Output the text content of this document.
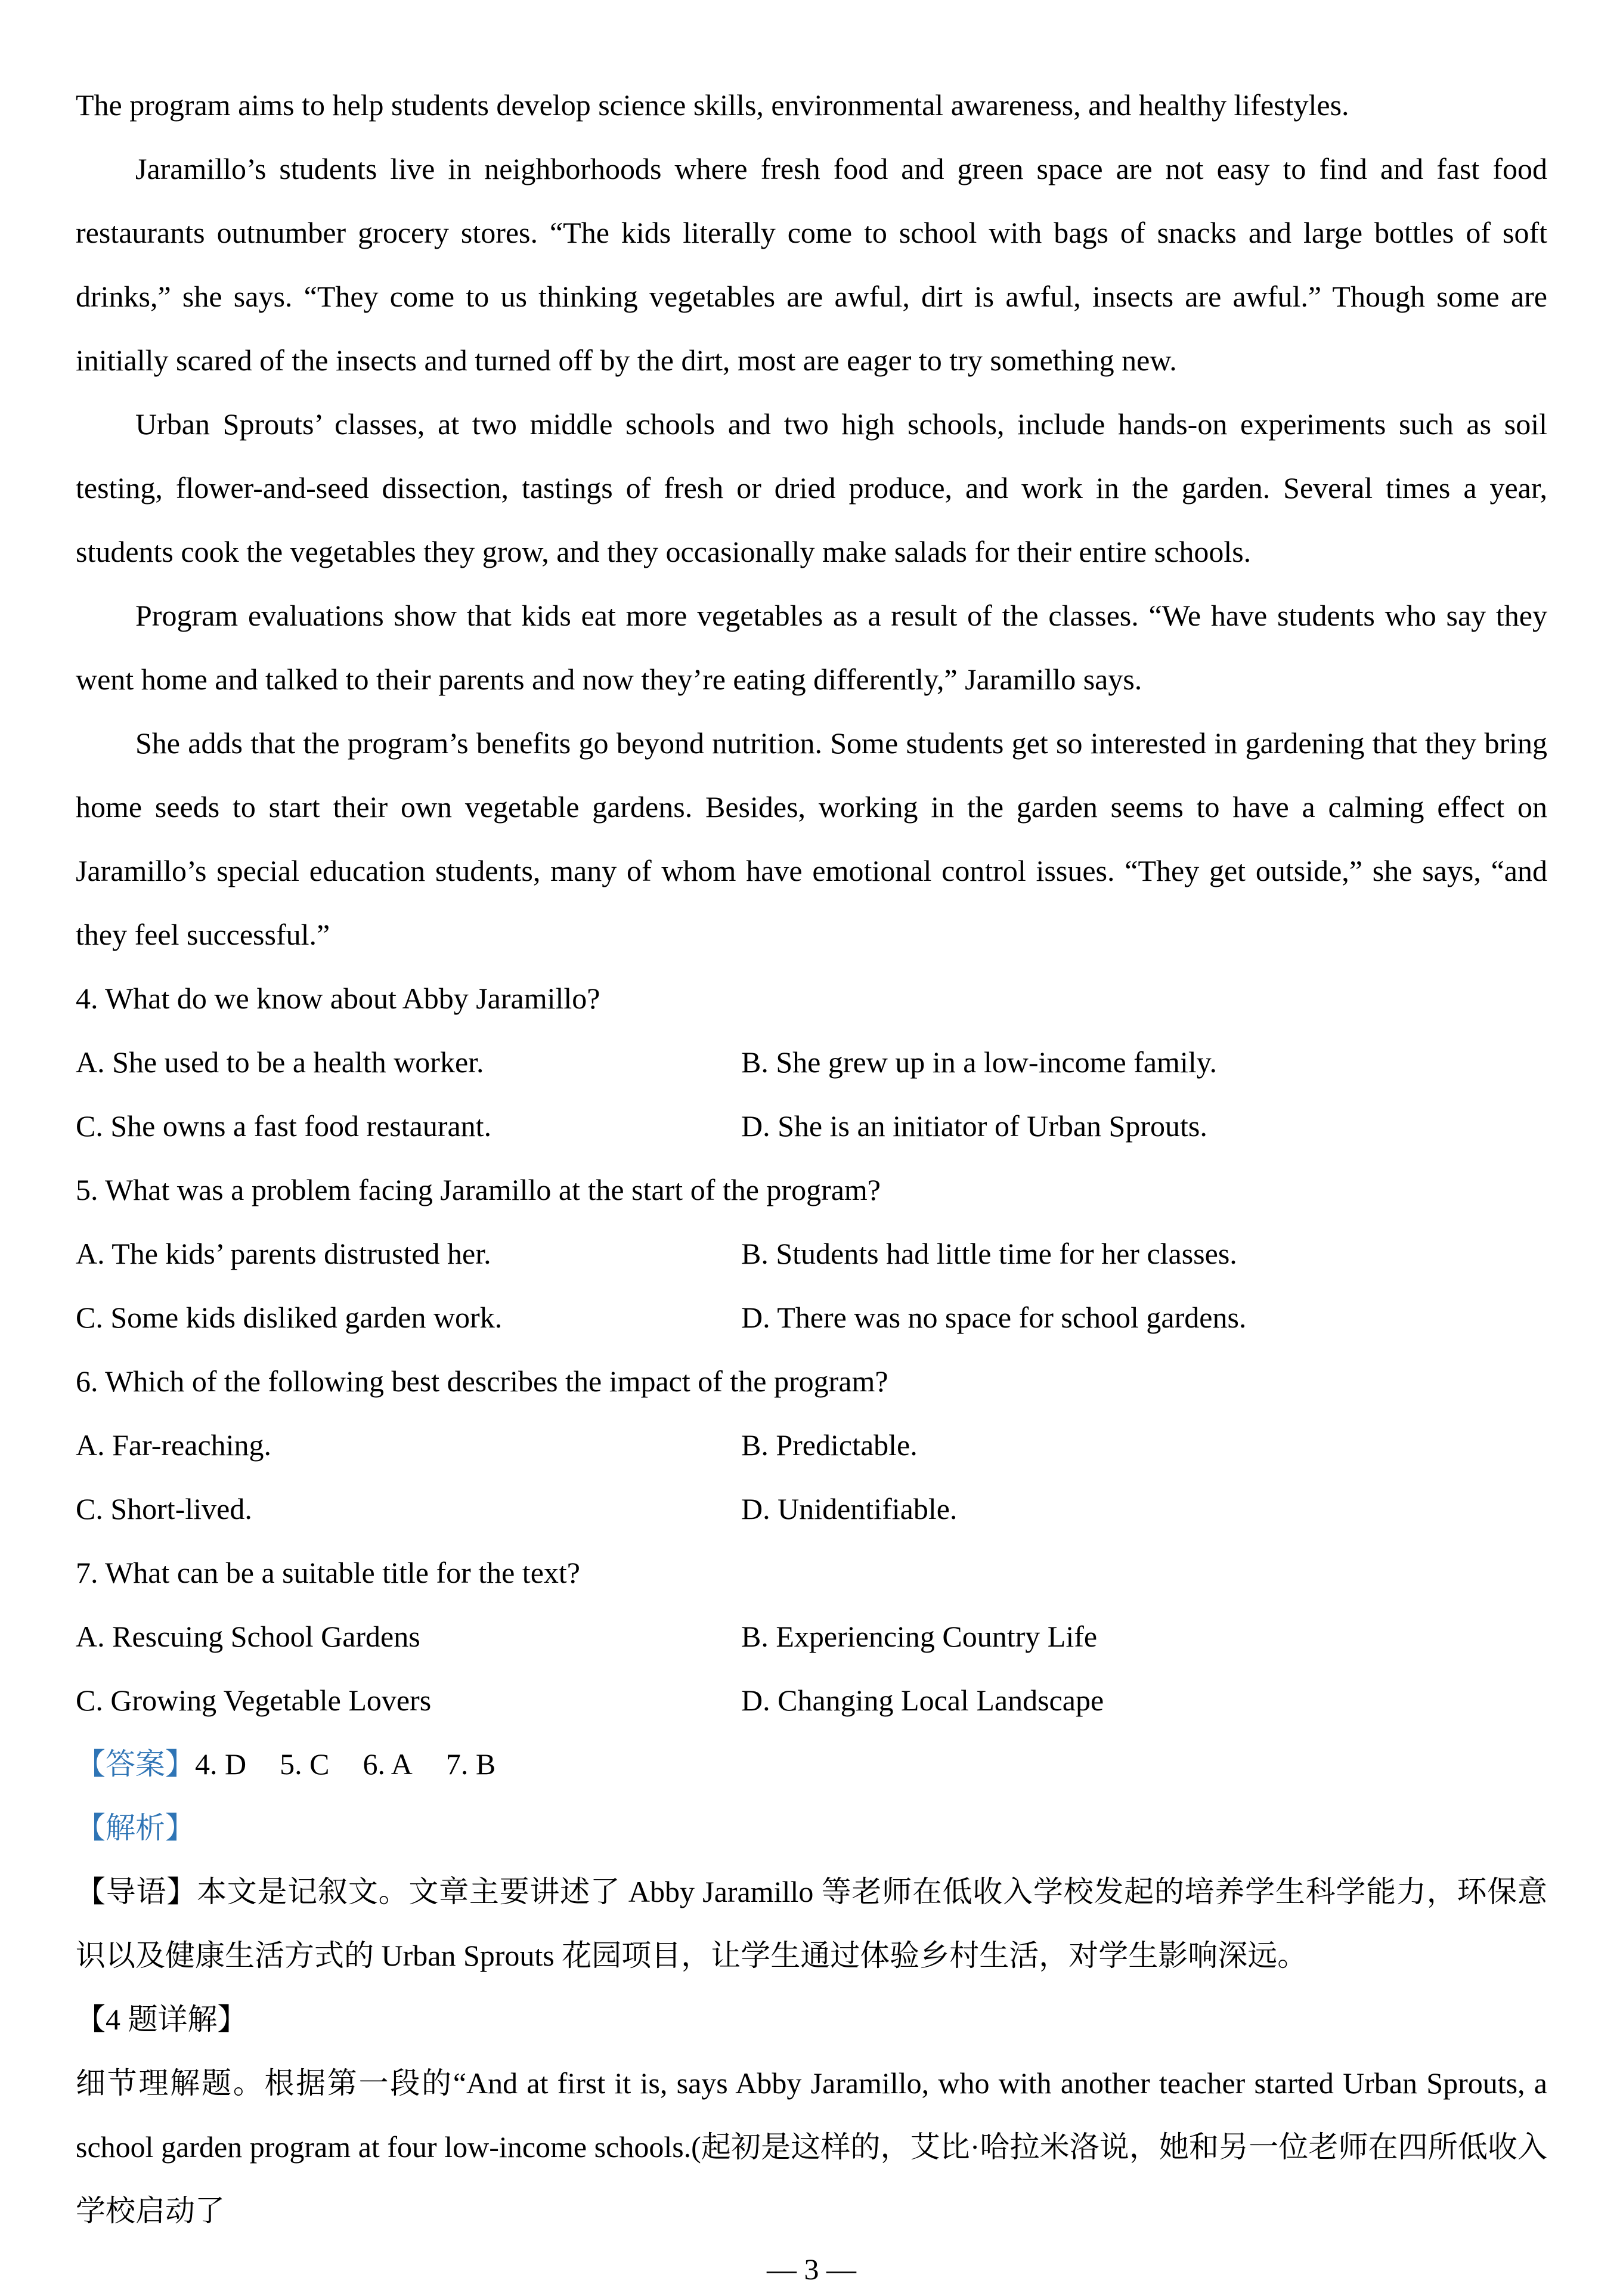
The program aims to help students develop science skills, environmental awareness, and healthy lifestyles.

Jaramillo’s students live in neighborhoods where fresh food and green space are not easy to find and fast food restaurants outnumber grocery stores. “The kids literally come to school with bags of snacks and large bottles of soft drinks,” she says. “They come to us thinking vegetables are awful, dirt is awful, insects are awful.” Though some are initially scared of the insects and turned off by the dirt, most are eager to try something new.

Urban Sprouts’ classes, at two middle schools and two high schools, include hands-on experiments such as soil testing, flower-and-seed dissection, tastings of fresh or dried produce, and work in the garden. Several times a year, students cook the vegetables they grow, and they occasionally make salads for their entire schools.

Program evaluations show that kids eat more vegetables as a result of the classes. “We have students who say they went home and talked to their parents and now they’re eating differently,” Jaramillo says.

She adds that the program’s benefits go beyond nutrition. Some students get so interested in gardening that they bring home seeds to start their own vegetable gardens. Besides, working in the garden seems to have a calming effect on Jaramillo’s special education students, many of whom have emotional control issues. “They get outside,” she says, “and they feel successful.”

4. What do we know about Abby Jaramillo?

A. She used to be a health worker.	B. She grew up in a low-income family.
C. She owns a fast food restaurant.	D. She is an initiator of Urban Sprouts.

5. What was a problem facing Jaramillo at the start of the program?

A. The kids’ parents distrusted her.	B. Students had little time for her classes.
C. Some kids disliked garden work.	D. There was no space for school gardens.

6. Which of the following best describes the impact of the program?

A. Far-reaching.	B. Predictable.
C. Short-lived.	D. Unidentifiable.

7. What can be a suitable title for the text?

A. Rescuing School Gardens	B. Experiencing Country Life
C. Growing Vegetable Lovers	D. Changing Local Landscape

【答案】4. D 5. C 6. A 7. B

【解析】

【导语】本文是记叙文。文章主要讲述了 Abby Jaramillo 等老师在低收入学校发起的培养学生科学能力，环保意识以及健康生活方式的 Urban Sprouts 花园项目，让学生通过体验乡村生活，对学生影响深远。

【4 题详解】

细节理解题。根据第一段的“And at first it is, says Abby Jaramillo, who with another teacher started Urban Sprouts, a school garden program at four low-income schools.(起初是这样的，艾比·哈拉米洛说，她和另一位老师在四所低收入学校启动了

— 3 —
